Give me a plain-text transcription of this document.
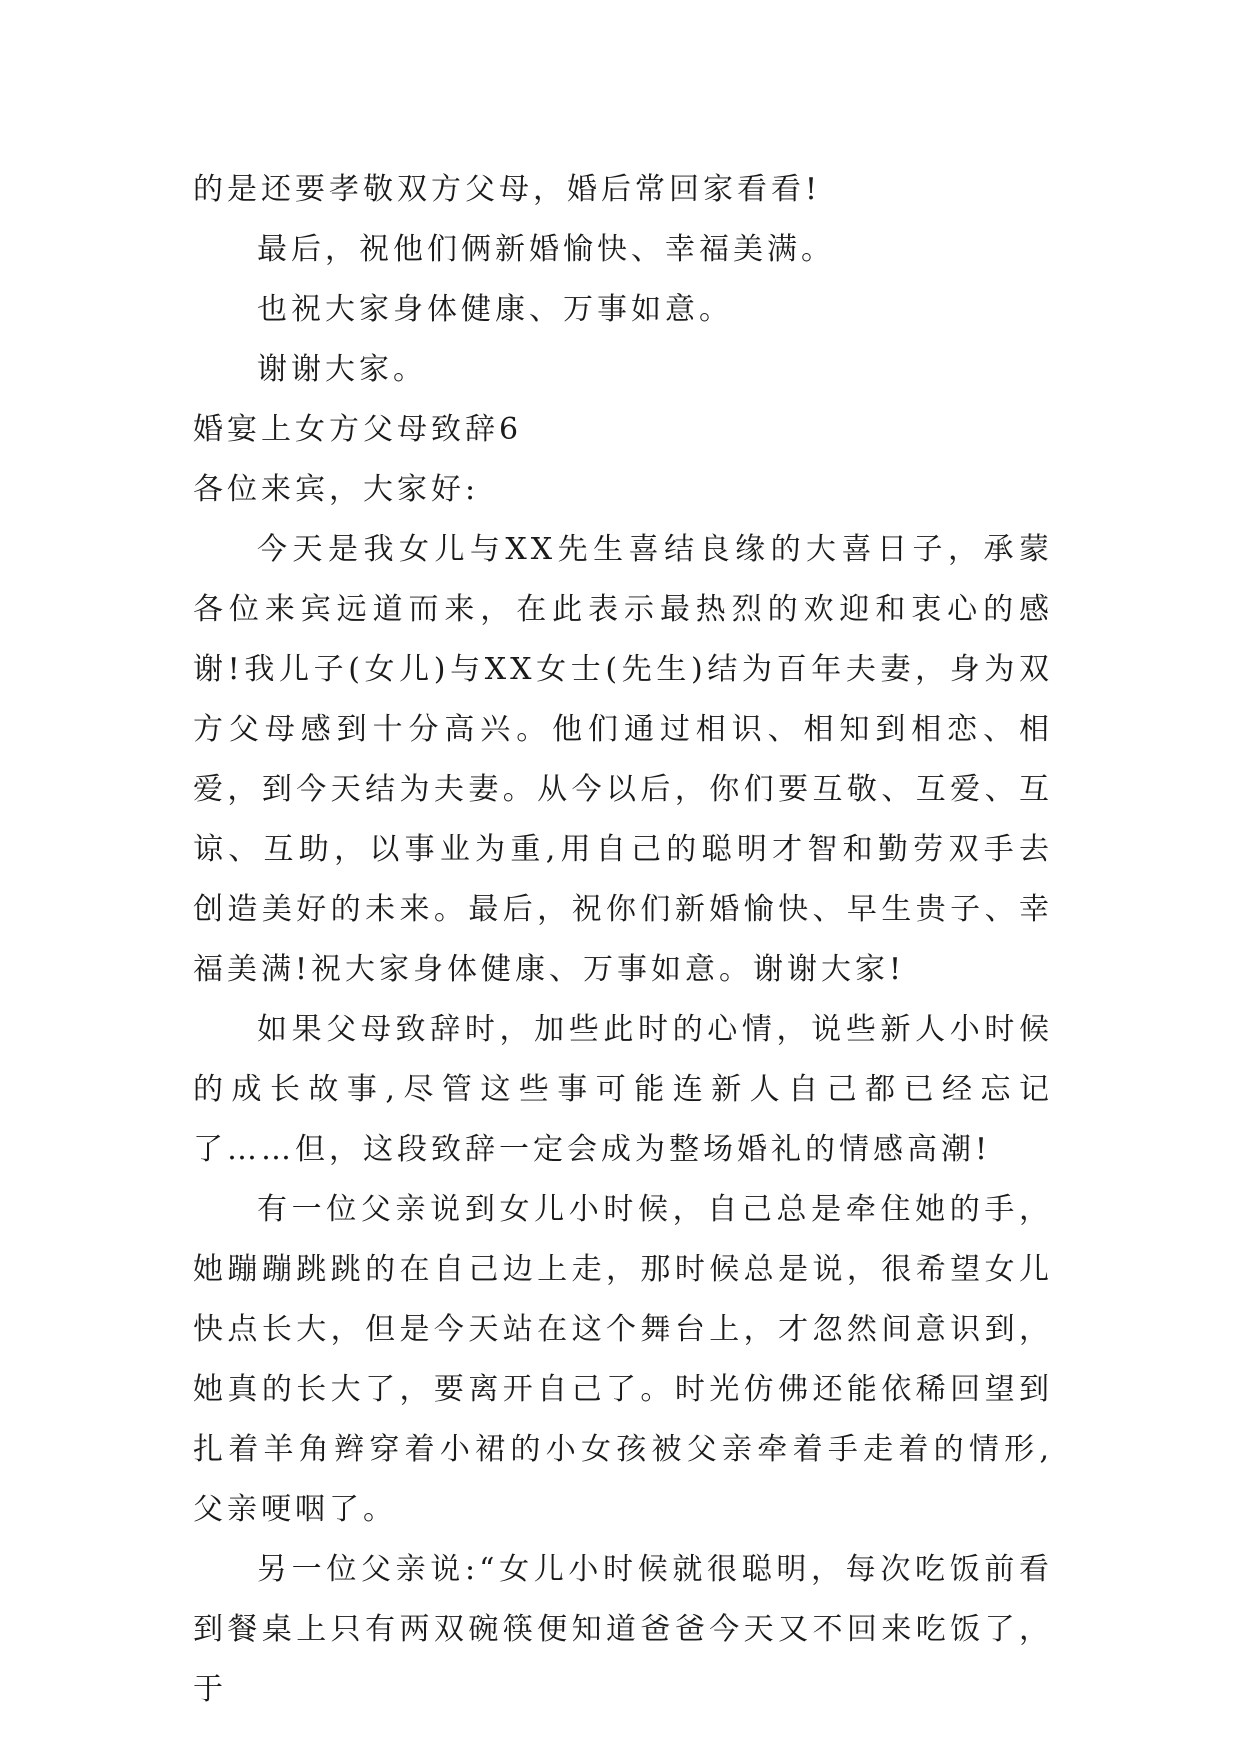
的是还要孝敬双方父母，婚后常回家看看!

最后，祝他们俩新婚愉快、幸福美满。

也祝大家身体健康、万事如意。

谢谢大家。

婚宴上女方父母致辞6

各位来宾，大家好:

今天是我女儿与XX先生喜结良缘的大喜日子，承蒙各位来宾远道而来，在此表示最热烈的欢迎和衷心的感谢!我儿子(女儿)与XX女士(先生)结为百年夫妻，身为双方父母感到十分高兴。他们通过相识、相知到相恋、相爱，到今天结为夫妻。从今以后，你们要互敬、互爱、互谅、互助，以事业为重,用自己的聪明才智和勤劳双手去创造美好的未来。最后，祝你们新婚愉快、早生贵子、幸福美满!祝大家身体健康、万事如意。谢谢大家!

如果父母致辞时，加些此时的心情，说些新人小时候的成长故事,尽管这些事可能连新人自己都已经忘记了……但，这段致辞一定会成为整场婚礼的情感高潮!

有一位父亲说到女儿小时候，自己总是牵住她的手，她蹦蹦跳跳的在自己边上走，那时候总是说，很希望女儿快点长大，但是今天站在这个舞台上，才忽然间意识到，她真的长大了，要离开自己了。时光仿佛还能依稀回望到扎着羊角辫穿着小裙的小女孩被父亲牵着手走着的情形,父亲哽咽了。

另一位父亲说:“女儿小时候就很聪明，每次吃饭前看到餐桌上只有两双碗筷便知道爸爸今天又不回来吃饭了，于
